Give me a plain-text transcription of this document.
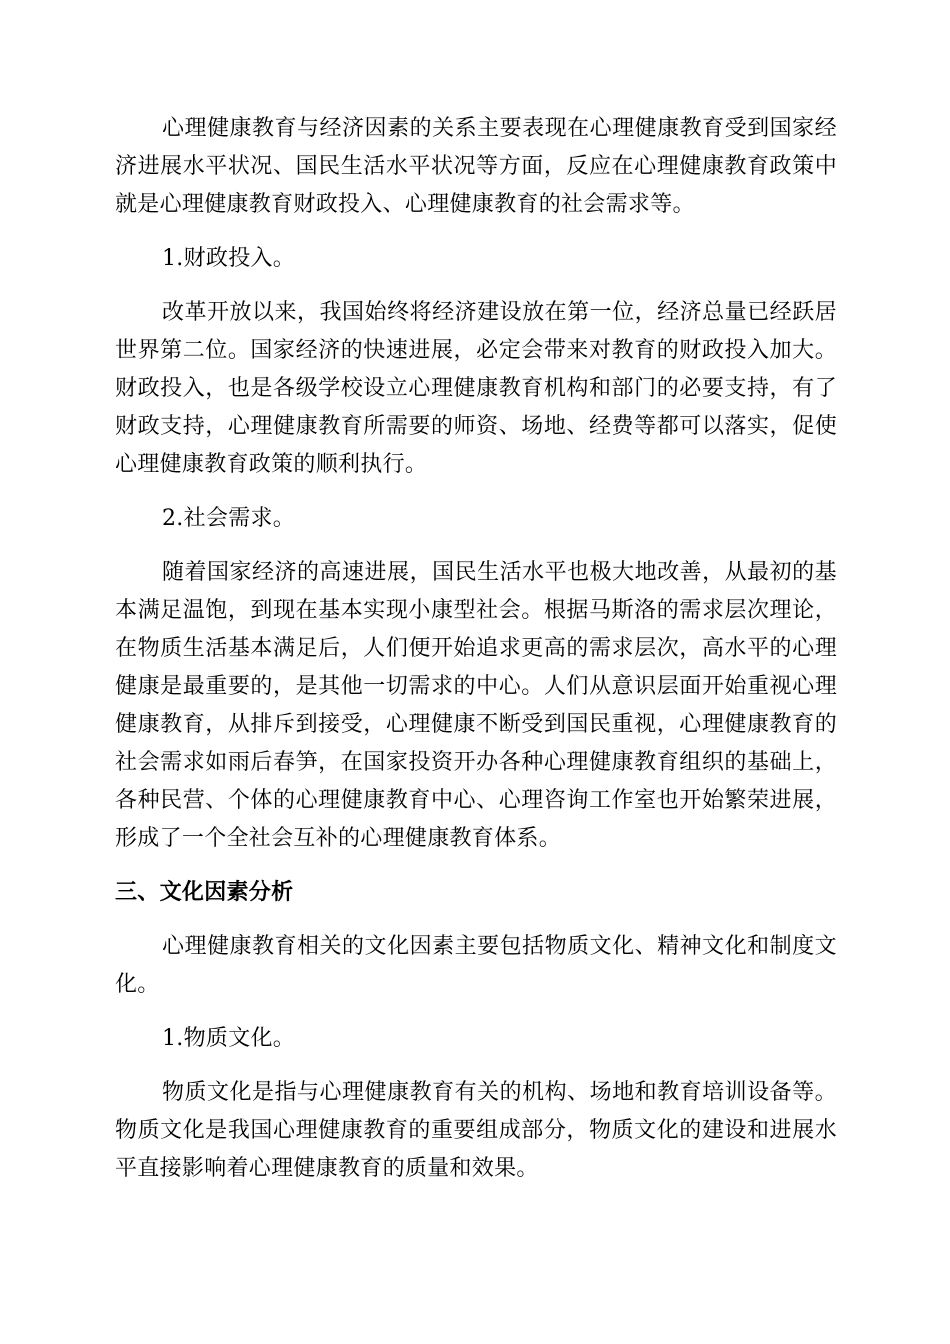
心理健康教育与经济因素的关系主要表现在心理健康教育受到国家经济进展水平状况、国民生活水平状况等方面，反应在心理健康教育政策中就是心理健康教育财政投入、心理健康教育的社会需求等。

1.财政投入。

改革开放以来，我国始终将经济建设放在第一位，经济总量已经跃居世界第二位。国家经济的快速进展，必定会带来对教育的财政投入加大。财政投入，也是各级学校设立心理健康教育机构和部门的必要支持，有了财政支持，心理健康教育所需要的师资、场地、经费等都可以落实，促使心理健康教育政策的顺利执行。

2.社会需求。

随着国家经济的高速进展，国民生活水平也极大地改善，从最初的基本满足温饱，到现在基本实现小康型社会。根据马斯洛的需求层次理论，在物质生活基本满足后，人们便开始追求更高的需求层次，高水平的心理健康是最重要的，是其他一切需求的中心。人们从意识层面开始重视心理健康教育，从排斥到接受，心理健康不断受到国民重视，心理健康教育的社会需求如雨后春笋，在国家投资开办各种心理健康教育组织的基础上，各种民营、个体的心理健康教育中心、心理咨询工作室也开始繁荣进展，形成了一个全社会互补的心理健康教育体系。

三、文化因素分析

心理健康教育相关的文化因素主要包括物质文化、精神文化和制度文化。

1.物质文化。

物质文化是指与心理健康教育有关的机构、场地和教育培训设备等。物质文化是我国心理健康教育的重要组成部分，物质文化的建设和进展水平直接影响着心理健康教育的质量和效果。
